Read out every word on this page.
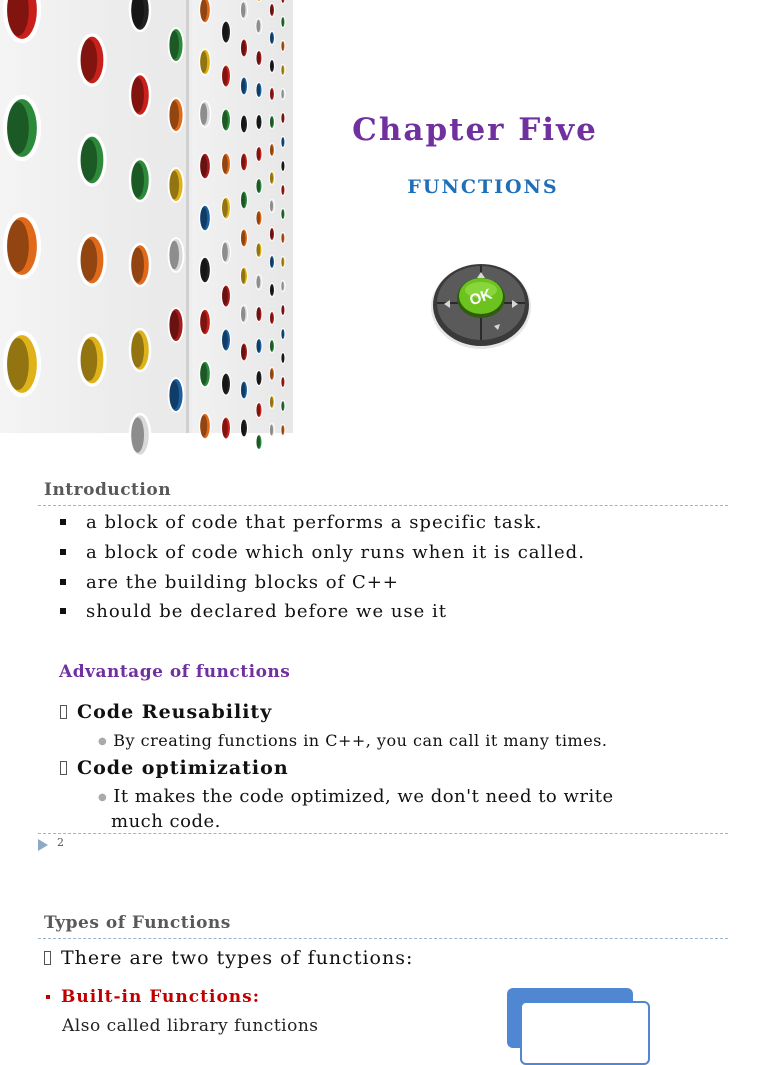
Chapter Five
FUNCTIONS
OK
Introduction
a block of code that performs a specific task.
a block of code which only runs when it is called.
are the building blocks of C++
should be declared before we use it
Advantage of functions
Code Reusability
● By creating functions in C++, you can call it many times.
Code optimization
● It makes the code optimized, we don't need to write
much code.
2
Types of Functions
There are two types of functions:
Built-in Functions:
Also called library functions
